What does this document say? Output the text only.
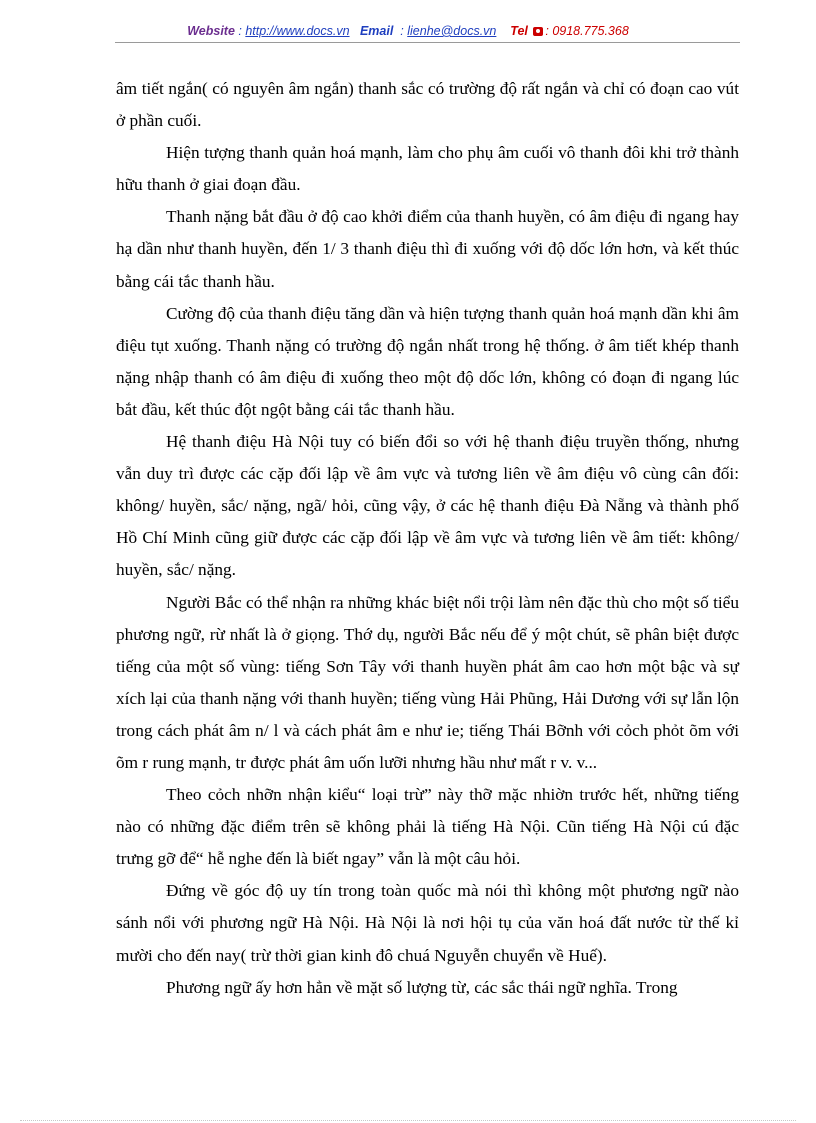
Website : http://www.docs.vn Email  : lienhe@docs.vn Tel : 0918.775.368

âm tiết ngắn( có nguyên âm ngắn) thanh sắc có trường độ rất ngắn và chỉ có đoạn cao vút ở phần cuối.

Hiện tượng thanh quản hoá mạnh, làm cho phụ âm cuối vô thanh đôi khi trở thành hữu thanh ở giai đoạn đầu.

Thanh nặng bắt đầu ở độ cao khởi điểm của thanh huyền, có âm điệu đi ngang hay hạ dần như thanh huyền, đến 1/ 3 thanh điệu thì đi xuống với độ dốc lớn hơn, và kết thúc bằng cái tắc thanh hầu.

Cường độ của thanh điệu tăng dần và hiện tượng thanh quản hoá mạnh dần khi âm điệu tụt xuống. Thanh nặng có trường độ ngắn nhất trong hệ thống. ở âm tiết khép thanh nặng nhập thanh có âm điệu đi xuống theo một độ dốc lớn, không có đoạn đi ngang lúc bắt đầu, kết thúc đột ngột bằng cái tắc thanh hầu.

Hệ thanh điệu Hà Nội tuy có biến đổi so với hệ thanh điệu truyền thống, nhưng vẫn duy trì được các cặp đối lập về âm vực và tương liên về âm điệu vô cùng cân đối: không/ huyền, sắc/ nặng, ngã/ hỏi, cũng vậy, ở các hệ thanh điệu Đà Nẵng và thành phố Hồ Chí Minh cũng giữ được các cặp đối lập về âm vực và tương liên về âm tiết: không/ huyền, sắc/ nặng.

Người Bắc có thể nhận ra những khác biệt nổi trội làm nên đặc thù cho một số tiểu phương ngữ, rừ nhất là ở giọng. Thớ dụ, người Bắc nếu để ý một chút, sẽ phân biệt được tiếng của một số vùng: tiếng Sơn Tây với thanh huyền phát âm cao hơn một bậc và sự xích lại của thanh nặng với thanh huyền; tiếng vùng Hải Phũng, Hải Dương với sự lẫn lộn trong cách phát âm n/ l và cách phát âm e như ie; tiếng Thái Bỡnh với cỏch phỏt õm với õm r rung mạnh, tr được phát âm uốn lưỡi nhưng hầu như mất r v. v...

Theo cỏch nhỡn nhận kiểu“ loại trừ” này thỡ mặc nhiờn trước hết, những tiếng nào có những đặc điểm trên sẽ không phải là tiếng Hà Nội. Cũn tiếng Hà Nội cú đặc trưng gỡ để“ hễ nghe đến là biết ngay” vẫn là một câu hỏi.

Đứng về góc độ uy tín trong toàn quốc mà nói thì không một phương ngữ nào sánh nổi với phương ngữ Hà Nội. Hà Nội là nơi hội tụ của văn hoá đất nước từ thế kỉ mười cho đến nay( trừ thời gian kinh đô chuá Nguyễn chuyển về Huế).

Phương ngữ ấy hơn hẳn về mặt số lượng từ, các sắc thái ngữ nghĩa. Trong
